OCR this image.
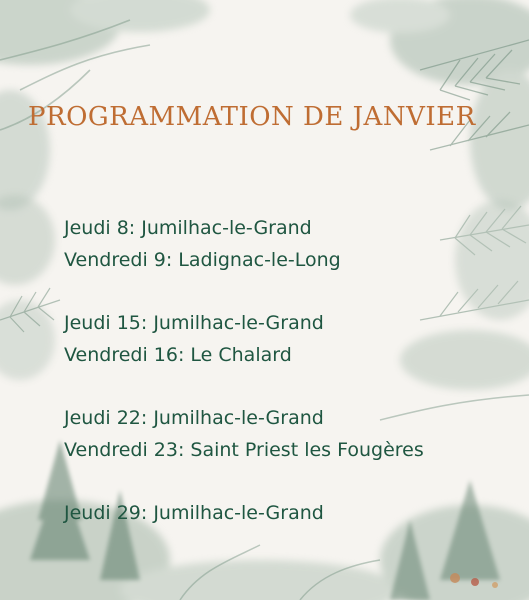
PROGRAMMATION DE JANVIER
Jeudi 8: Jumilhac-le-Grand
Vendredi 9: Ladignac-le-Long
Jeudi 15: Jumilhac-le-Grand
Vendredi 16: Le Chalard
Jeudi 22: Jumilhac-le-Grand
Vendredi 23: Saint Priest les Fougères
Jeudi 29: Jumilhac-le-Grand
